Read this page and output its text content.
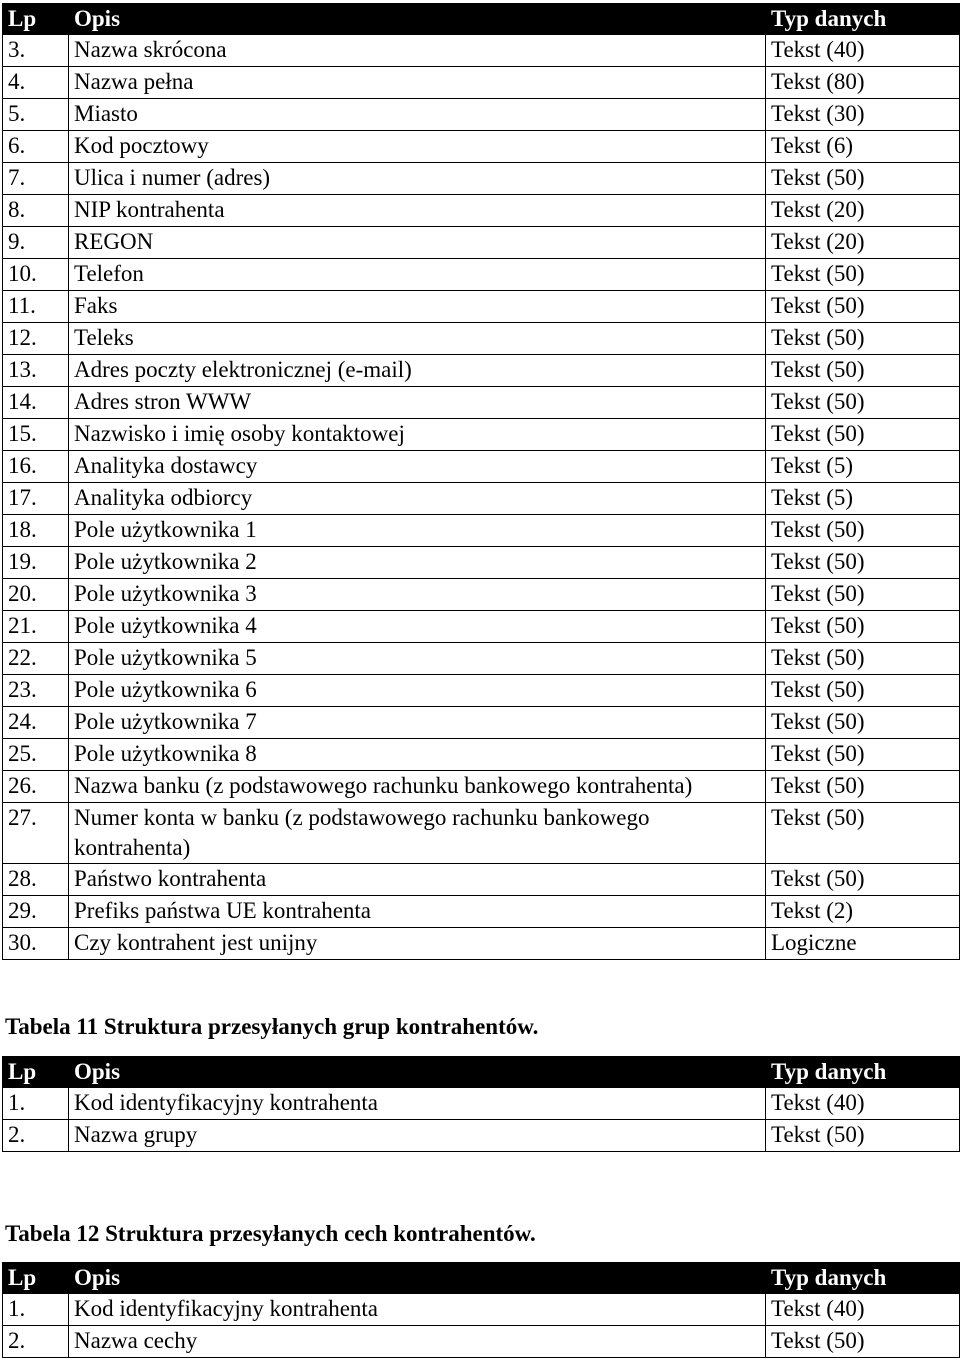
Lp	Opis	Typ danych
3.	Nazwa skrócona	Tekst (40)
4.	Nazwa pełna	Tekst (80)
5.	Miasto	Tekst (30)
6.	Kod pocztowy	Tekst (6)
7.	Ulica i numer (adres)	Tekst (50)
8.	NIP kontrahenta	Tekst (20)
9.	REGON	Tekst (20)
10.	Telefon	Tekst (50)
11.	Faks	Tekst (50)
12.	Teleks	Tekst (50)
13.	Adres poczty elektronicznej (e-mail)	Tekst (50)
14.	Adres stron WWW	Tekst (50)
15.	Nazwisko i imię osoby kontaktowej	Tekst (50)
16.	Analityka dostawcy	Tekst (5)
17.	Analityka odbiorcy	Tekst (5)
18.	Pole użytkownika 1	Tekst (50)
19.	Pole użytkownika 2	Tekst (50)
20.	Pole użytkownika 3	Tekst (50)
21.	Pole użytkownika 4	Tekst (50)
22.	Pole użytkownika 5	Tekst (50)
23.	Pole użytkownika 6	Tekst (50)
24.	Pole użytkownika 7	Tekst (50)
25.	Pole użytkownika 8	Tekst (50)
26.	Nazwa banku (z podstawowego rachunku bankowego kontrahenta)	Tekst (50)
27.	Numer konta w banku (z podstawowego rachunku bankowego kontrahenta)	Tekst (50)
28.	Państwo kontrahenta	Tekst (50)
29.	Prefiks państwa UE kontrahenta	Tekst (2)
30.	Czy kontrahent jest unijny	Logiczne
Tabela 11 Struktura przesyłanych grup kontrahentów.
Lp	Opis	Typ danych
1.	Kod identyfikacyjny kontrahenta	Tekst (40)
2.	Nazwa grupy	Tekst (50)
Tabela 12 Struktura przesyłanych cech kontrahentów.
Lp	Opis	Typ danych
1.	Kod identyfikacyjny kontrahenta	Tekst (40)
2.	Nazwa cechy	Tekst (50)
